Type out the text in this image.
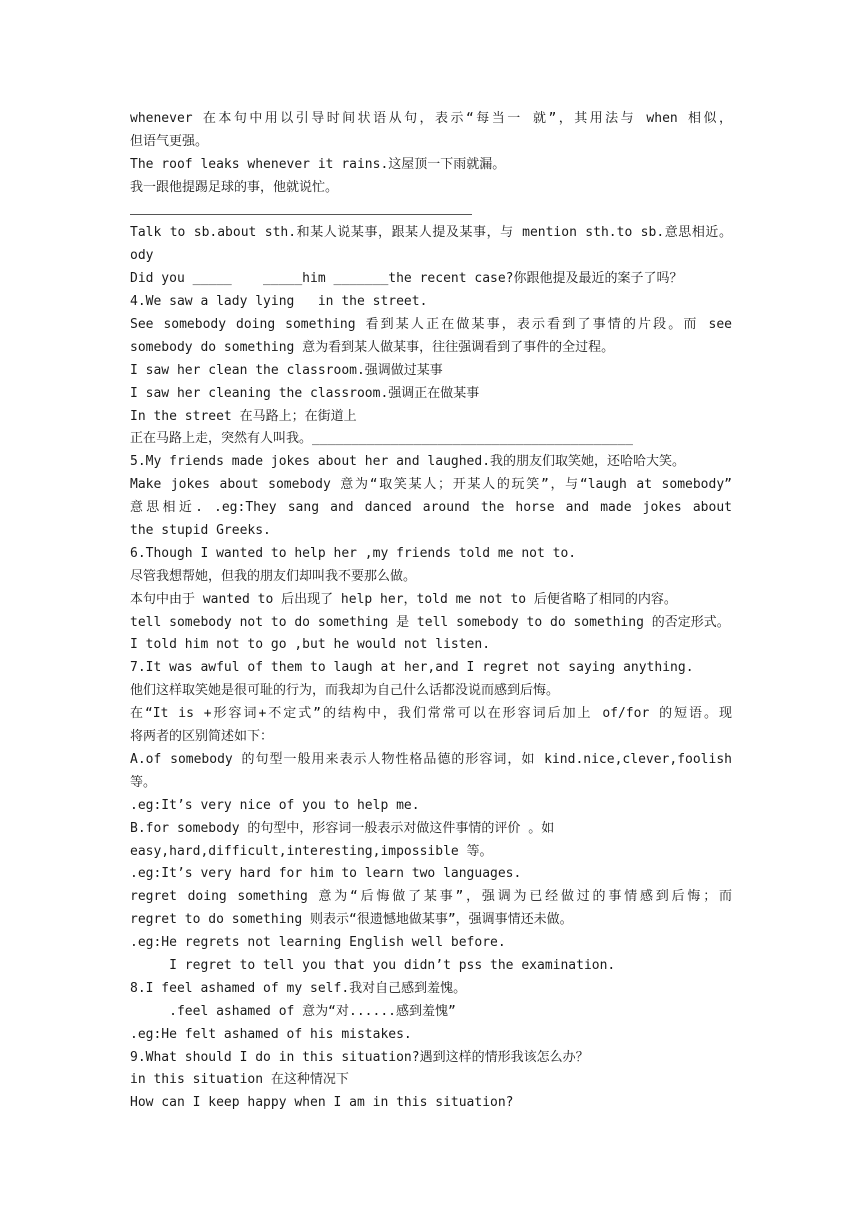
whenever 在本句中用以引导时间状语从句，表示“每当一 就”，其用法与 when 相似，
但语气更强。
The roof leaks whenever it rains.这屋顶一下雨就漏。
我一跟他提踢足球的事，他就说忙。
Talk to sb.about sth.和某人说某事，跟某人提及某事，与 mention sth.to sb.意思相近。
ody
Did you _____    _____him _______the recent case?你跟他提及最近的案子了吗？
4.We saw a lady lying   in the street.
See somebody doing something 看到某人正在做某事，表示看到了事情的片段。而 see
somebody do something 意为看到某人做某事，往往强调看到了事件的全过程。
I saw her clean the classroom.强调做过某事
I saw her cleaning the classroom.强调正在做某事
In the street 在马路上；在街道上
正在马路上走，突然有人叫我。_________________________________________
5.My friends made jokes about her and laughed.我的朋友们取笑她，还哈哈大笑。
Make jokes about somebody 意为“取笑某人；开某人的玩笑”，与“laugh at somebody”
意思相近. .eg:They sang and danced around the horse and made jokes about
the stupid Greeks.
6.Though I wanted to help her ,my friends told me not to.
尽管我想帮她，但我的朋友们却叫我不要那么做。
本句中由于 wanted to 后出现了 help her，told me not to 后便省略了相同的内容。
tell somebody not to do something 是 tell somebody to do something 的否定形式。
I told him not to go ,but he would not listen.
7.It was awful of them to laugh at her,and I regret not saying anything.
他们这样取笑她是很可耻的行为，而我却为自己什么话都没说而感到后悔。
在“It is +形容词+不定式”的结构中，我们常常可以在形容词后加上 of/for 的短语。现
将两者的区别简述如下：
A.of somebody 的句型一般用来表示人物性格品德的形容词，如 kind.nice,clever,foolish
等。
.eg:It’s very nice of you to help me.
B.for somebody 的句型中，形容词一般表示对做这件事情的评价 。如
easy,hard,difficult,interesting,impossible 等。
.eg:It’s very hard for him to learn two languages.
regret doing something 意为“后悔做了某事”，强调为已经做过的事情感到后悔；而
regret to do something 则表示“很遗憾地做某事”，强调事情还未做。
.eg:He regrets not learning English well before.
I regret to tell you that you didn’t pss the examination.
8.I feel ashamed of my self.我对自己感到羞愧。
.feel ashamed of 意为“对......感到羞愧”
.eg:He felt ashamed of his mistakes.
9.What should I do in this situation?遇到这样的情形我该怎么办？
in this situation 在这种情况下
How can I keep happy when I am in this situation?
